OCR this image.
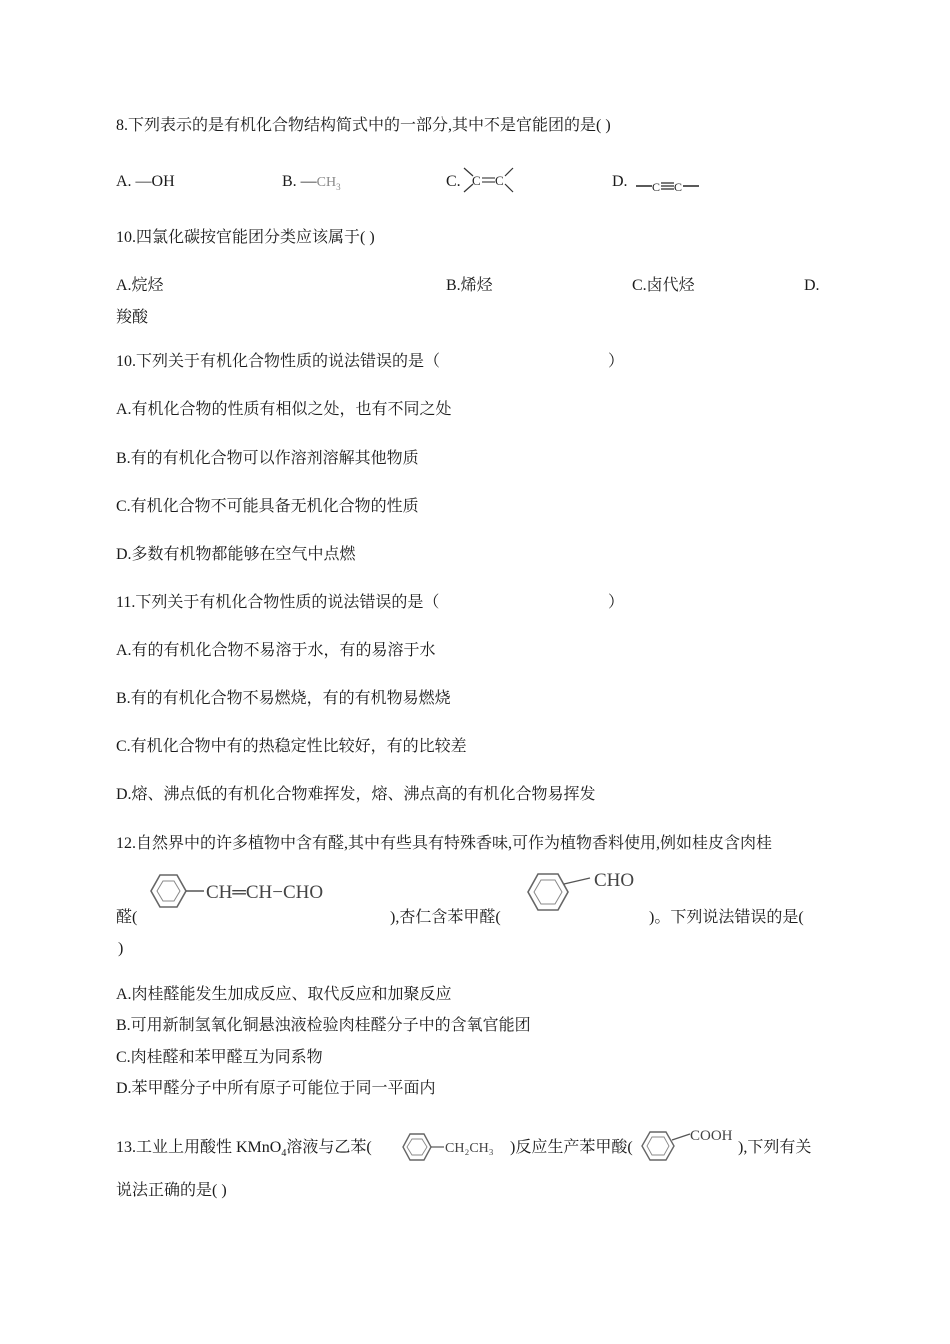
8.下列表示的是有机化合物结构简式中的一部分,其中不是官能团的是( )
A. —OH	B. $—CH_3$	C. C C	D. C C
10.四氯化碳按官能团分类应该属于( )
A.烷烃	B.烯烃	C.卤代烃	D.
羧酸
10.下列关于有机化合物性质的说法错误的是（	）
A.有机化合物的性质有相似之处，也有不同之处
B.有的有机化合物可以作溶剂溶解其他物质
C.有机化合物不可能具备无机化合物的性质
D.多数有机物都能够在空气中点燃
11.下列关于有机化合物性质的说法错误的是（	）
A.有的有机化合物不易溶于水，有的易溶于水
B.有的有机化合物不易燃烧，有的有机物易燃烧
C.有机化合物中有的热稳定性比较好，有的比较差
D.熔、沸点低的有机化合物难挥发，熔、沸点高的有机化合物易挥发
12.自然界中的许多植物中含有醛,其中有些具有特殊香味,可作为植物香料使用,例如桂皮含肉桂
醛(
CH═CH−CHO
),杏仁含苯甲醛(
CHO
)。下列说法错误的是(
)
A.肉桂醛能发生加成反应、取代反应和加聚反应
B.可用新制氢氧化铜悬浊液检验肉桂醛分子中的含氧官能团
C.肉桂醛和苯甲醛互为同系物
D.苯甲醛分子中所有原子可能位于同一平面内
13.工业上用酸性 KMnO$_4$溶液与乙苯(	CH₂CH₃ )反应生产苯甲酸(
COOH
),下列有关
说法正确的是( )
